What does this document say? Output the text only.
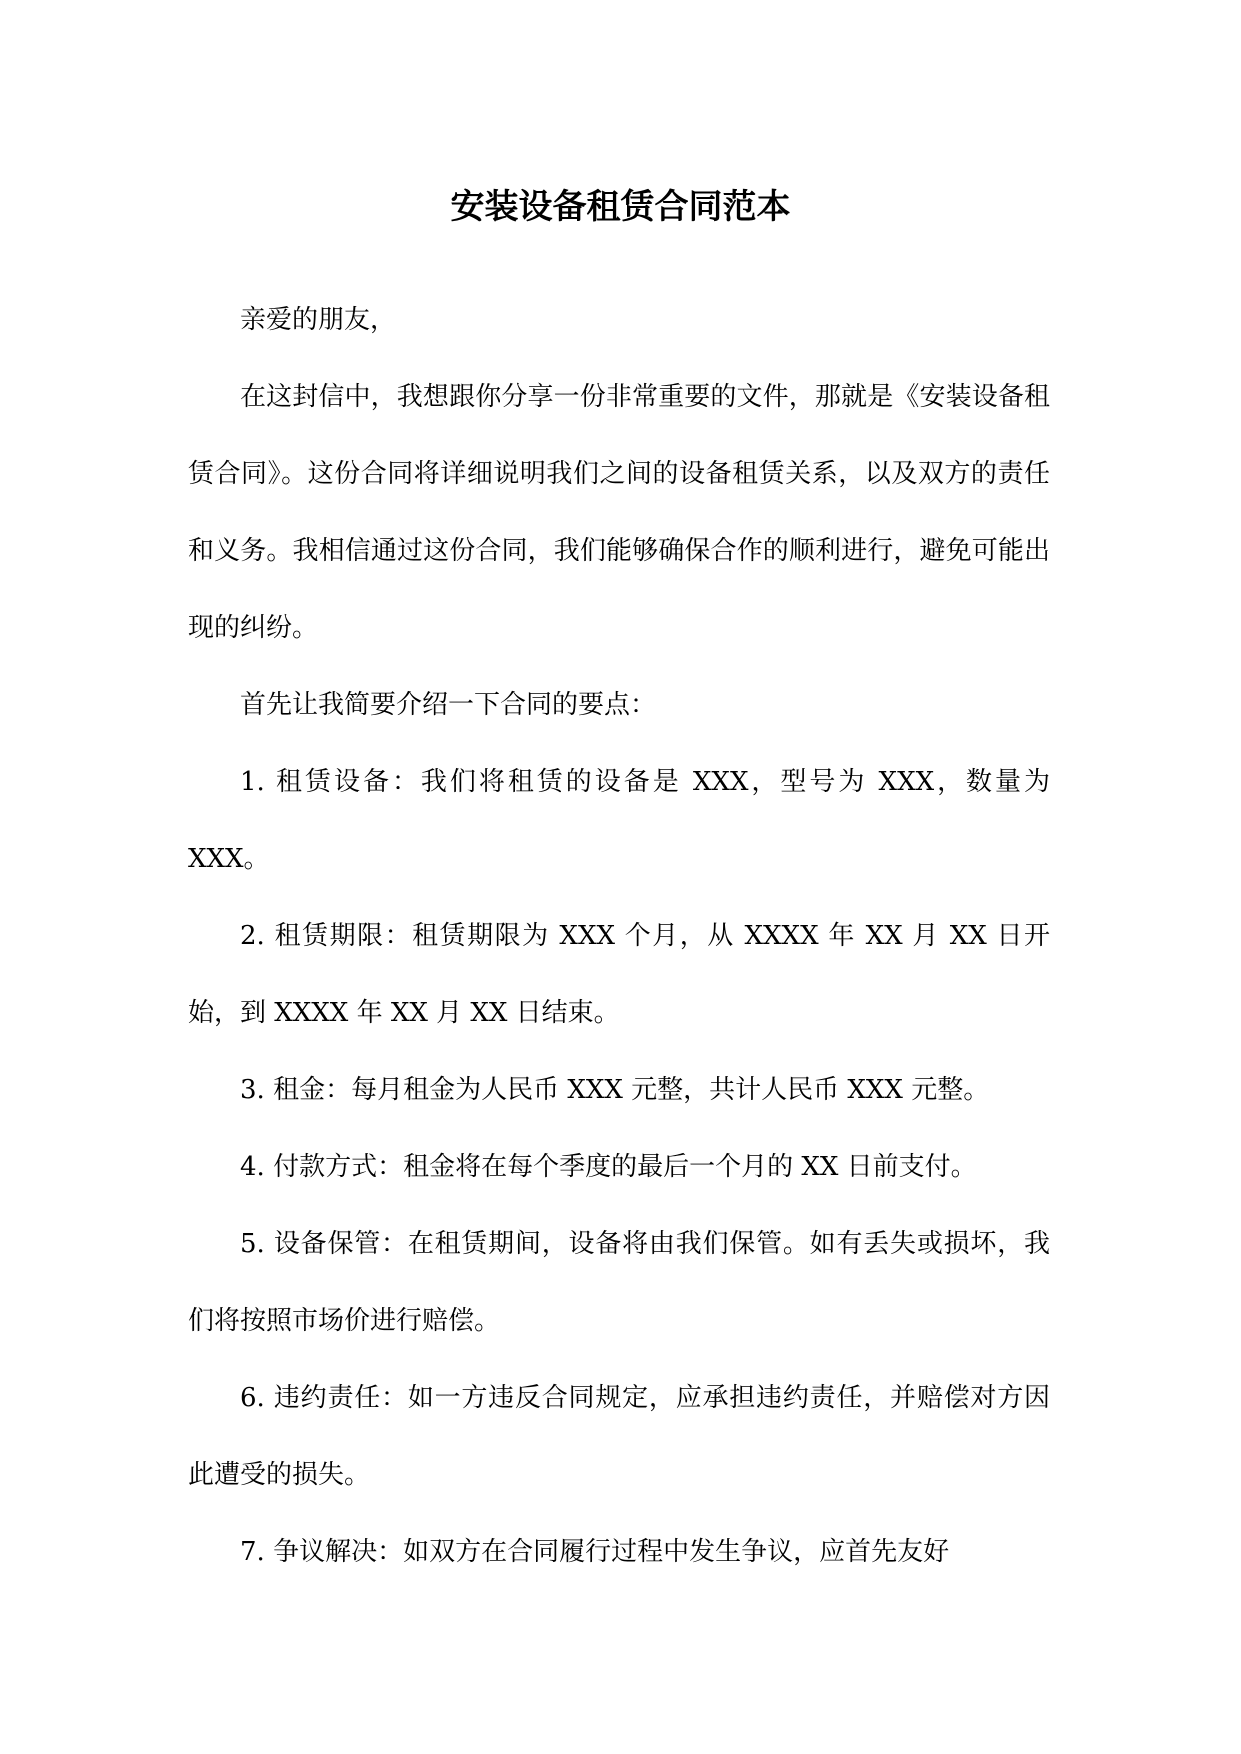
安装设备租赁合同范本

亲爱的朋友，

在这封信中，我想跟你分享一份非常重要的文件，那就是《安装设备租赁合同》。这份合同将详细说明我们之间的设备租赁关系，以及双方的责任和义务。我相信通过这份合同，我们能够确保合作的顺利进行，避免可能出现的纠纷。

首先让我简要介绍一下合同的要点：

1. 租赁设备：我们将租赁的设备是 XXX，型号为 XXX，数量为 XXX。

2. 租赁期限：租赁期限为 XXX 个月，从 XXXX 年 XX 月 XX 日开始，到 XXXX 年 XX 月 XX 日结束。

3. 租金：每月租金为人民币 XXX 元整，共计人民币 XXX 元整。

4. 付款方式：租金将在每个季度的最后一个月的 XX 日前支付。

5. 设备保管：在租赁期间，设备将由我们保管。如有丢失或损坏，我们将按照市场价进行赔偿。

6. 违约责任：如一方违反合同规定，应承担违约责任，并赔偿对方因此遭受的损失。

7. 争议解决：如双方在合同履行过程中发生争议，应首先友好
